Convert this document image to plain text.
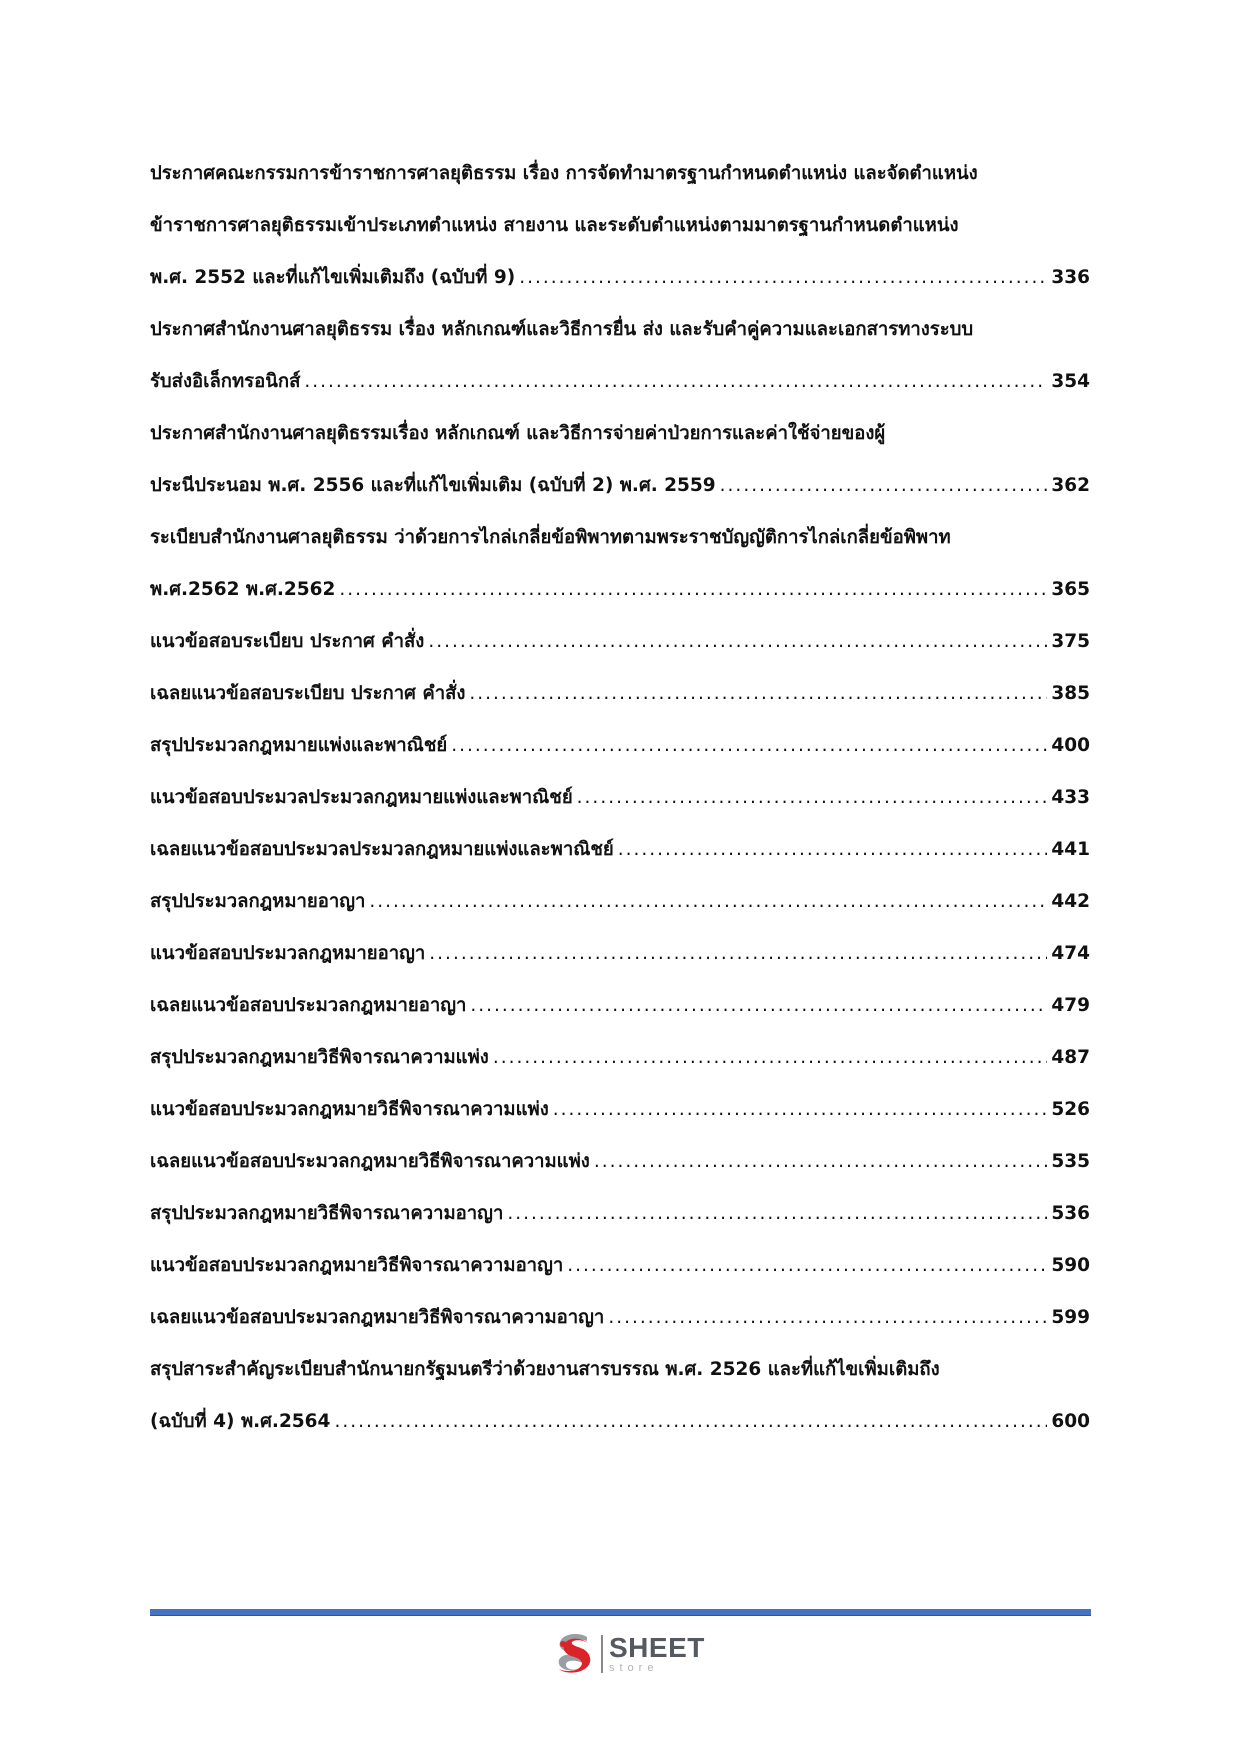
ประกาศคณะกรรมการข้าราชการศาลยุติธรรม เรื่อง การจัดทำมาตรฐานกำหนดตำแหน่ง และจัดตำแหน่ง
ข้าราชการศาลยุติธรรมเข้าประเภทตำแหน่ง สายงาน และระดับตำแหน่งตามมาตรฐานกำหนดตำแหน่ง
พ.ศ. 2552 และที่แก้ไขเพิ่มเติมถึง (ฉบับที่ 9) .....	336
ประกาศสำนักงานศาลยุติธรรม เรื่อง หลักเกณฑ์และวิธีการยื่น ส่ง และรับคำคู่ความและเอกสารทางระบบ
รับส่งอิเล็กทรอนิกส์ .....	354
ประกาศสำนักงานศาลยุติธรรมเรื่อง หลักเกณฑ์ และวิธีการจ่ายค่าป่วยการและค่าใช้จ่ายของผู้
ประนีประนอม พ.ศ. 2556 และที่แก้ไขเพิ่มเติม (ฉบับที่ 2) พ.ศ. 2559 .....	362
ระเบียบสำนักงานศาลยุติธรรม ว่าด้วยการไกล่เกลี่ยข้อพิพาทตามพระราชบัญญัติการไกล่เกลี่ยข้อพิพาท
พ.ศ.2562 พ.ศ.2562 .....	365
แนวข้อสอบระเบียบ ประกาศ คำสั่ง .....	375
เฉลยแนวข้อสอบระเบียบ ประกาศ คำสั่ง .....	385
สรุปประมวลกฎหมายแพ่งและพาณิชย์ .....	400
แนวข้อสอบประมวลประมวลกฎหมายแพ่งและพาณิชย์ .....	433
เฉลยแนวข้อสอบประมวลประมวลกฎหมายแพ่งและพาณิชย์ .....	441
สรุปประมวลกฎหมายอาญา .....	442
แนวข้อสอบประมวลกฎหมายอาญา .....	474
เฉลยแนวข้อสอบประมวลกฎหมายอาญา .....	479
สรุปประมวลกฎหมายวิธีพิจารณาความแพ่ง .....	487
แนวข้อสอบประมวลกฎหมายวิธีพิจารณาความแพ่ง .....	526
เฉลยแนวข้อสอบประมวลกฎหมายวิธีพิจารณาความแพ่ง .....	535
สรุปประมวลกฎหมายวิธีพิจารณาความอาญา .....	536
แนวข้อสอบประมวลกฎหมายวิธีพิจารณาความอาญา .....	590
เฉลยแนวข้อสอบประมวลกฎหมายวิธีพิจารณาความอาญา .....	599
สรุปสาระสำคัญระเบียบสำนักนายกรัฐมนตรีว่าด้วยงานสารบรรณ พ.ศ. 2526 และที่แก้ไขเพิ่มเติมถึง
(ฉบับที่ 4) พ.ศ.2564 .....	600
SHEET
store
